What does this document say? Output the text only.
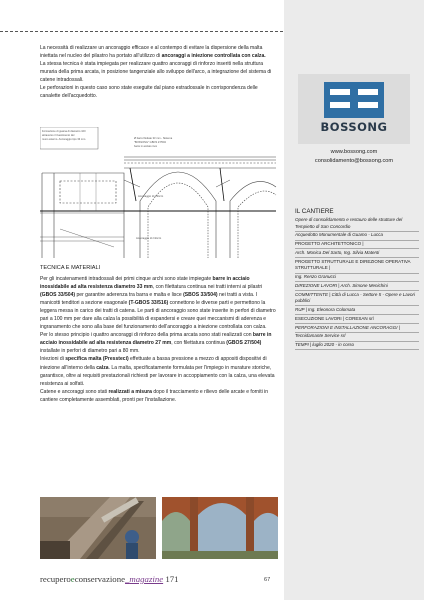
La necessità di realizzare un ancoraggio efficace e al contempo di evitare la dispersione della malta iniettata nel nucleo del pilastro ha portato all'utilizzo di ancoraggi a iniezione controllata con calza.

La stessa tecnica è stata impiegata per realizzare quattro ancoraggi di rinforzo inseriti nella struttura muraria della prima arcata, in posizione tangenziale allo sviluppo dell'arco, a integrazione del sistema di catene intradossali.

Le perforazioni in questo caso sono state eseguite dal piano estradossale in corrispondenza delle canalette dell'acquedotto.

Formazione di guaina di diametro 100
attraverso il rivestimento del
muro esterno. Ancoraggio tipo 33 mm.	Ø barre filettate 33 mm - Sistema
"BOSSONG" GBOS 27/504
barre in acciaio inox
Ancoraggio di rinforzo
Ancoraggio di rinforzo
TECNICA E MATERIALI

Per gli incatenamenti intradossali dei primi cinque archi sono state impiegate barre in acciaio inossidabile ad alta resistenza diametro 33 mm, con filettatura continua nei tratti interni ai pilastri (GBOS 33/504) per garantire aderenza tra barra e malta e lisce (SBOS 33/504) nei tratti a vista. I manicotti tenditori a sezione esagonale (T-GBOS 33/516) connettono le diverse parti e permettono la leggera messa in carico dei tratti di catena. Le parti di ancoraggio sono state inserite in perfori di diametro pari a 100 mm per dare alla calza la possibilità di espandersi e creare quei meccanismi di aderenza e ingranamento che sono alla base del funzionamento dell'ancoraggio a iniezione controllata con calza.

Per lo stesso principio i quattro ancoraggi di rinforzo della prima arcata sono stati realizzati con barre in acciaio inossidabile ad alta resistenza diametro 27 mm, con filettatura continua (GBOS 27/504) installate in perfori di diametro pari a 80 mm.

Iniezioni di specifica malta (Pressteci) effettuate a bassa pressione a mezzo di appositi dispositivi di iniezione all'interno della calza. La malta, specificatamente formulata per l'impiego in murature storiche, garantisce, oltre ai requisiti prestazionali richiesti per lavorare in accoppiamento con la calza, una elevata resistenza ai solfati.

Catene e ancoraggi sono stati realizzati a misura dopo il tracciamento e rilievo delle arcate e forniti in cantiere completamente assemblati, pronti per l'installazione.

BOSSONG
www.bossong.com
consolidamento@bossong.com
IL CANTIERE
Opere di consolidamento e restauro delle strutture del Tempietto di San Concordio
Acquedotto Monumentale di Guamo - Lucca
PROGETTO ARCHITETTONICO |
Arch. Monica Del Sarto, Ing. Silvia Matenti
PROGETTO STRUTTURALE E DIREZIONE OPERATIVA STRUTTURALE |
Ing. Renzo Granucci
DIREZIONE LAVORI | Arch. Simone Menichini
COMMITTENTE | Città di Lucca - Settore 5 - Opere e Lavori pubblici
RUP | Ing. Eleonora Colomata
ESECUZIONE LAVORI | CORESAN srl
PERFORAZIONI E INSTALLAZIONE ANCORAGGI |
Tecnidamante Service srl
TEMPI | luglio 2020 - in corso
recuperoeconservazione_magazine 171	67
